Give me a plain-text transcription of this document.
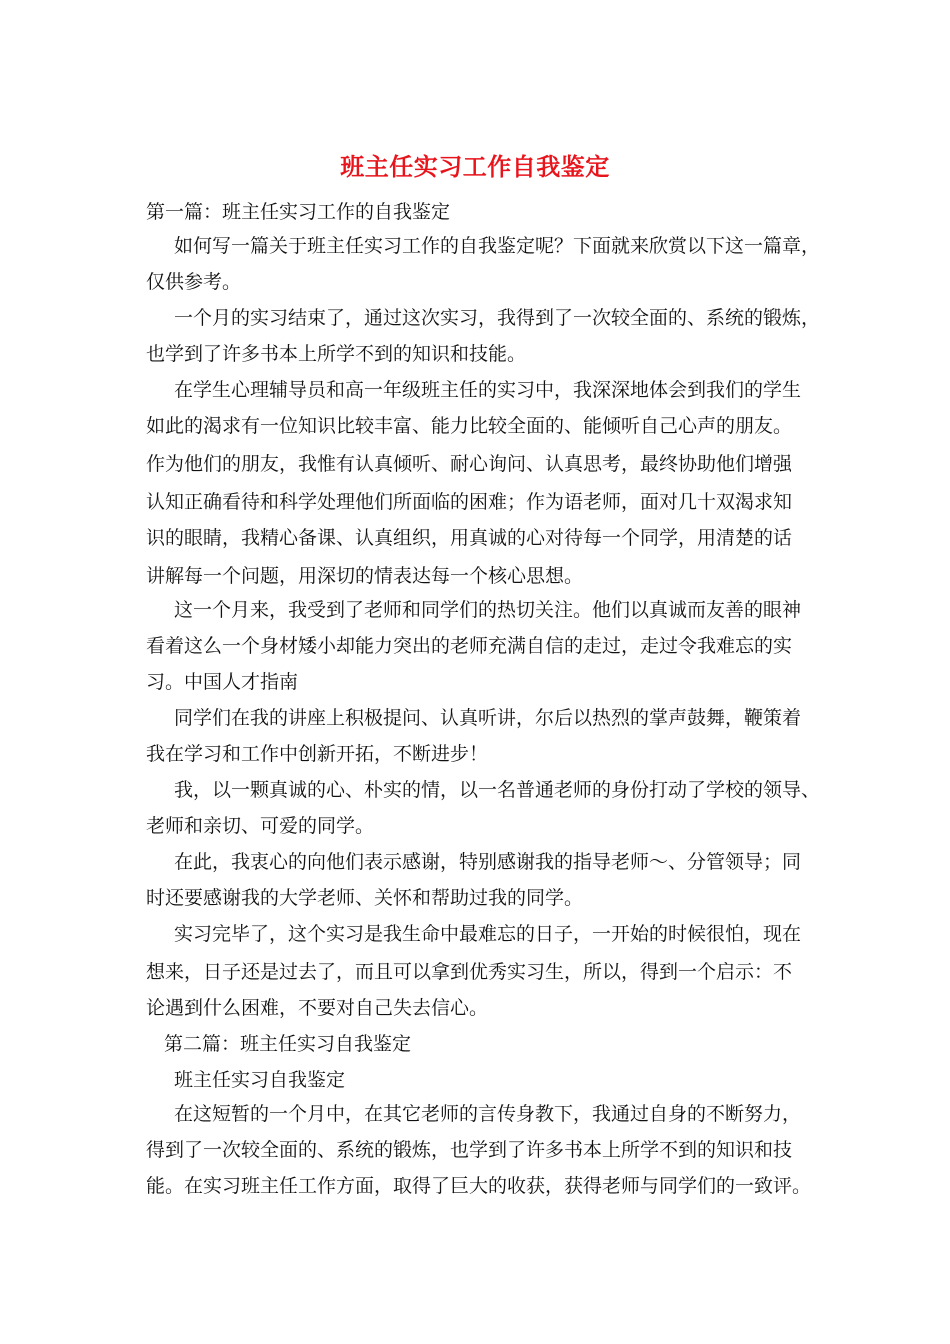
班主任实习工作自我鉴定
第一篇：班主任实习工作的自我鉴定
如何写一篇关于班主任实习工作的自我鉴定呢？下面就来欣赏以下这一篇章，
仅供参考。
一个月的实习结束了，通过这次实习，我得到了一次较全面的、系统的锻炼，
也学到了许多书本上所学不到的知识和技能。
在学生心理辅导员和高一年级班主任的实习中，我深深地体会到我们的学生
如此的渴求有一位知识比较丰富、能力比较全面的、能倾听自己心声的朋友。
作为他们的朋友，我惟有认真倾听、耐心询问、认真思考，最终协助他们增强
认知正确看待和科学处理他们所面临的困难；作为语老师，面对几十双渴求知
识的眼睛，我精心备课、认真组织，用真诚的心对待每一个同学，用清楚的话
讲解每一个问题，用深切的情表达每一个核心思想。
这一个月来，我受到了老师和同学们的热切关注。他们以真诚而友善的眼神
看着这么一个身材矮小却能力突出的老师充满自信的走过，走过令我难忘的实
习。中国人才指南
同学们在我的讲座上积极提问、认真听讲，尔后以热烈的掌声鼓舞，鞭策着
我在学习和工作中创新开拓，不断进步！
我，以一颗真诚的心、朴实的情，以一名普通老师的身份打动了学校的领导、
老师和亲切、可爱的同学。
在此，我衷心的向他们表示感谢，特别感谢我的指导老师～、分管领导；同
时还要感谢我的大学老师、关怀和帮助过我的同学。
实习完毕了，这个实习是我生命中最难忘的日子，一开始的时候很怕，现在
想来，日子还是过去了，而且可以拿到优秀实习生，所以，得到一个启示：不
论遇到什么困难，不要对自己失去信心。
第二篇：班主任实习自我鉴定
班主任实习自我鉴定
在这短暂的一个月中，在其它老师的言传身教下，我通过自身的不断努力，
得到了一次较全面的、系统的锻炼，也学到了许多书本上所学不到的知识和技
能。在实习班主任工作方面，取得了巨大的收获，获得老师与同学们的一致评。
